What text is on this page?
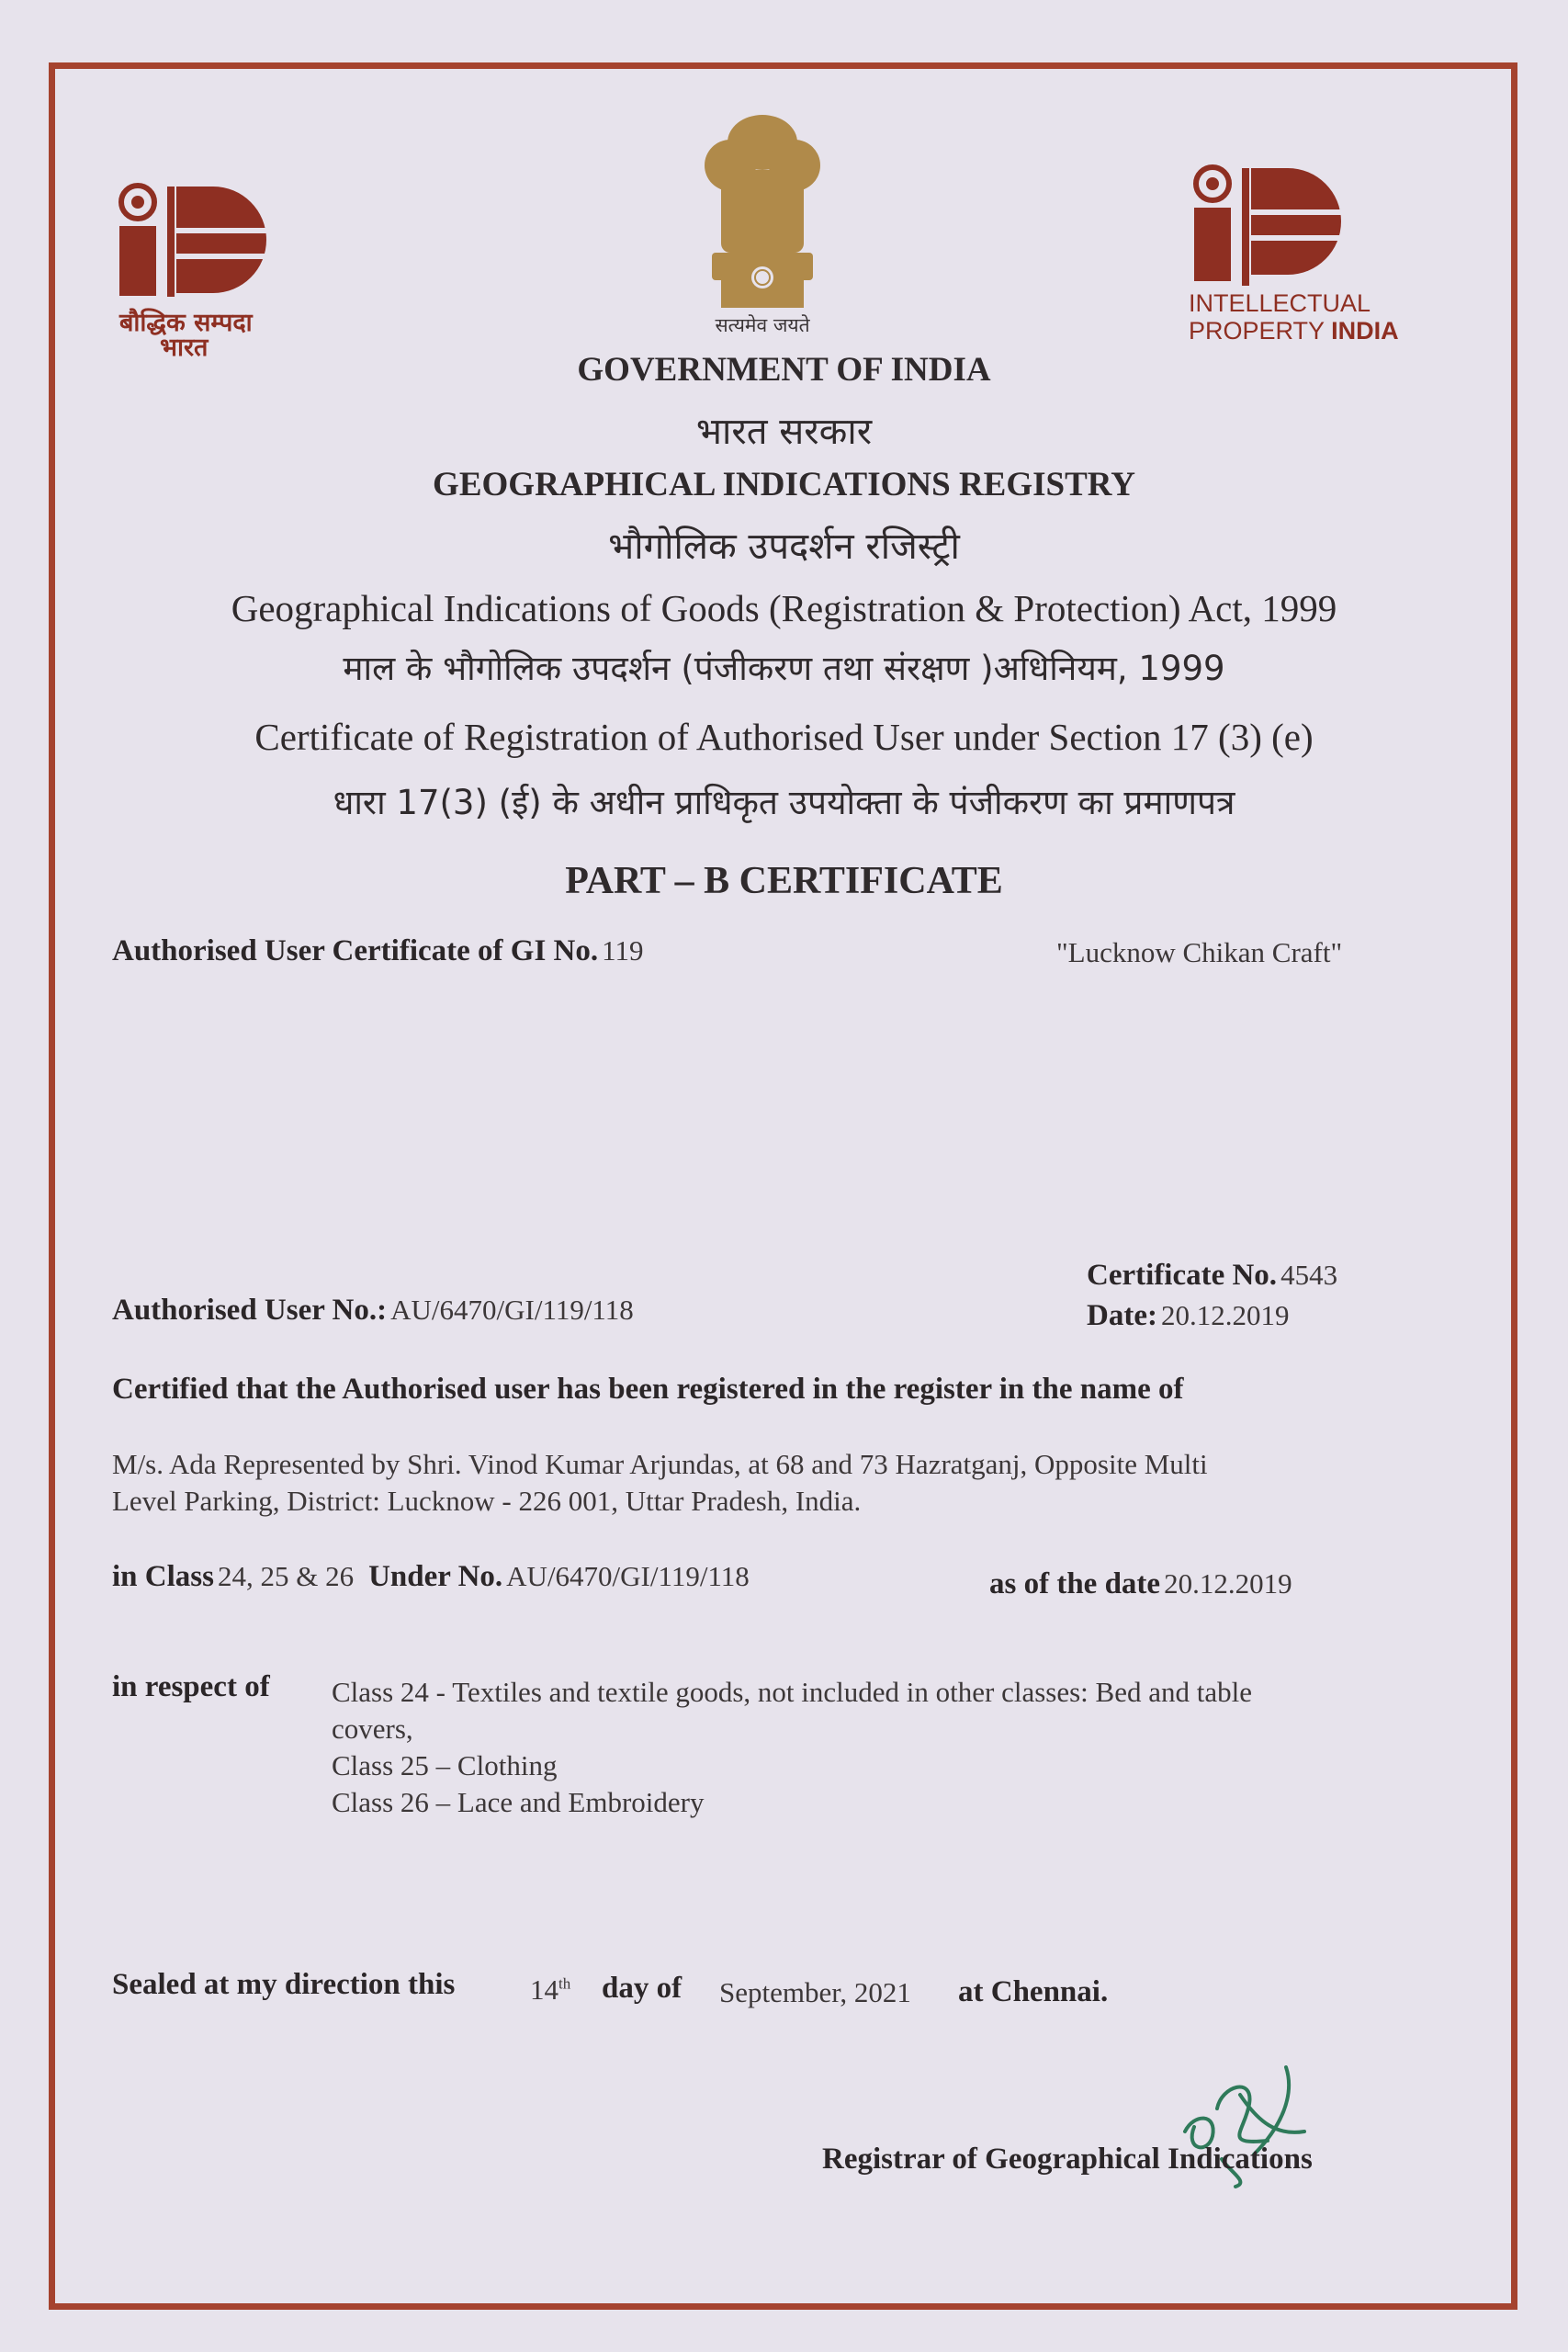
बौद्धिक सम्पदा
भारत
सत्यमेव जयते
INTELLECTUAL
PROPERTY INDIA
GOVERNMENT OF INDIA
भारत सरकार
GEOGRAPHICAL INDICATIONS REGISTRY
भौगोलिक उपदर्शन रजिस्ट्री
Geographical Indications of Goods (Registration & Protection) Act, 1999
माल के भौगोलिक उपदर्शन (पंजीकरण तथा संरक्षण )अधिनियम, 1999
Certificate of Registration of Authorised User under Section 17 (3) (e)
धारा 17(3) (ई) के अधीन प्राधिकृत उपयोक्ता के पंजीकरण का प्रमाणपत्र
PART – B CERTIFICATE
Authorised User Certificate of GI No. 119	"Lucknow Chikan Craft"
Certificate No. 4543
Date: 20.12.2019
Authorised User No.: AU/6470/GI/119/118
Certified that the Authorised user has been registered in the register in the name of
M/s. Ada Represented by Shri. Vinod Kumar Arjundas, at 68 and 73 Hazratganj, Opposite Multi
Level Parking, District: Lucknow - 226 001, Uttar Pradesh, India.
in Class 24, 25 & 26 Under No. AU/6470/GI/119/118	as of the date 20.12.2019
in respect of Class 24 - Textiles and textile goods, not included in other classes: Bed and table
covers,
Class 25 – Clothing
Class 26 – Lace and Embroidery
Sealed at my direction this	14th day of September, 2021 at Chennai.
Registrar of Geographical Indications
